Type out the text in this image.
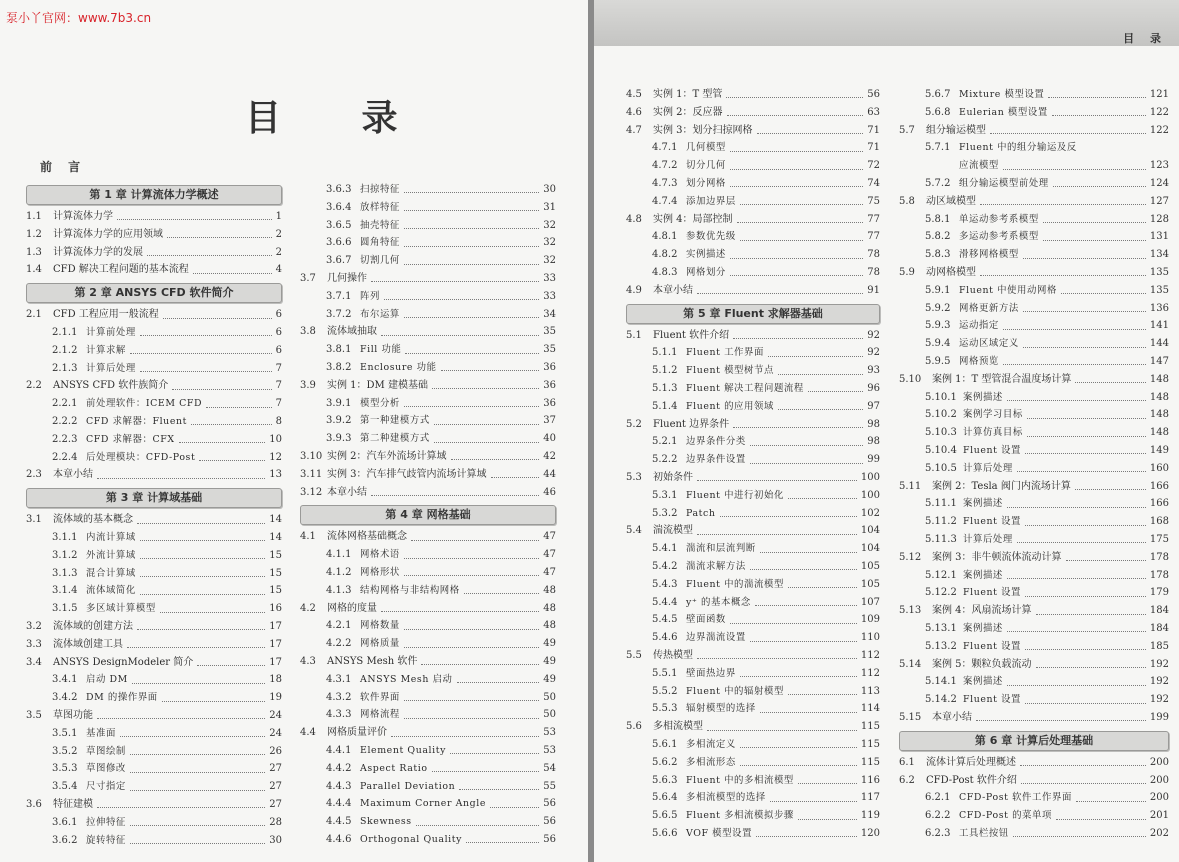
泵小丫官网：www.7b3.cn
目 录
前 言
第 1 章 计算流体力学概述
1.1	计算流体力学	1
1.2	计算流体力学的应用领域	2
1.3	计算流体力学的发展	2
1.4	CFD 解决工程问题的基本流程	4
第 2 章 ANSYS CFD 软件简介
2.1	CFD 工程应用一般流程	6
2.1.1 计算前处理	6
2.1.2 计算求解	6
2.1.3 计算后处理	7
2.2	ANSYS CFD 软件族简介	7
2.2.1 前处理软件：ICEM CFD	7
2.2.2 CFD 求解器：Fluent	8
2.2.3 CFD 求解器：CFX	10
2.2.4 后处理模块：CFD-Post	12
2.3	本章小结	13
第 3 章 计算域基础
3.1	流体域的基本概念	14
3.1.1 内流计算域	14
3.1.2 外流计算域	15
3.1.3 混合计算域	15
3.1.4 流体域简化	15
3.1.5 多区域计算模型	16
3.2	流体域的创建方法	17
3.3	流体域创建工具	17
3.4	ANSYS DesignModeler 简介	17
3.4.1 启动 DM	18
3.4.2 DM 的操作界面	19
3.5	草图功能	24
3.5.1 基准面	24
3.5.2 草图绘制	26
3.5.3 草图修改	27
3.5.4 尺寸指定	27
3.6	特征建模	27
3.6.1 拉伸特征	28
3.6.2 旋转特征	30
3.6.3 扫掠特征	30
3.6.4 放样特征	31
3.6.5 抽壳特征	32
3.6.6 圆角特征	32
3.6.7 切割几何	32
3.7	几何操作	33
3.7.1 阵列	33
3.7.2 布尔运算	34
3.8	流体域抽取	35
3.8.1 Fill 功能	35
3.8.2 Enclosure 功能	36
3.9	实例 1：DM 建模基础	36
3.9.1 模型分析	36
3.9.2 第一种建模方式	37
3.9.3 第二种建模方式	40
3.10 实例 2：汽车外流场计算域	42
3.11 实例 3：汽车排气歧管内流场计算域	44
3.12 本章小结	46
第 4 章 网格基础
4.1	流体网格基础概念	47
4.1.1 网格术语	47
4.1.2 网格形状	47
4.1.3 结构网格与非结构网格	48
4.2	网格的度量	48
4.2.1 网格数量	48
4.2.2 网格质量	49
4.3	ANSYS Mesh 软件	49
4.3.1 ANSYS Mesh 启动	49
4.3.2 软件界面	50
4.3.3 网格流程	50
4.4	网格质量评价	53
4.4.1 Element Quality	53
4.4.2 Aspect Ratio	54
4.4.3 Parallel Deviation	55
4.4.4 Maximum Corner Angle	56
4.4.5 Skewness	56
4.4.6 Orthogonal Quality	56
目 录
4.5	实例 1：T 型管	56
4.6	实例 2：反应器	63
4.7	实例 3：划分扫掠网格	71
4.7.1 几何模型	71
4.7.2 切分几何	72
4.7.3 划分网格	74
4.7.4 添加边界层	75
4.8	实例 4：局部控制	77
4.8.1 参数优先级	77
4.8.2 实例描述	78
4.8.3 网格划分	78
4.9	本章小结	91
第 5 章 Fluent 求解器基础
5.1	Fluent 软件介绍	92
5.1.1 Fluent 工作界面	92
5.1.2 Fluent 模型树节点	93
5.1.3 Fluent 解决工程问题流程	96
5.1.4 Fluent 的应用领域	97
5.2	Fluent 边界条件	98
5.2.1 边界条件分类	98
5.2.2 边界条件设置	99
5.3	初始条件	100
5.3.1 Fluent 中进行初始化	100
5.3.2 Patch	102
5.4	湍流模型	104
5.4.1 湍流和层流判断	104
5.4.2 湍流求解方法	105
5.4.3 Fluent 中的湍流模型	105
5.4.4 y⁺ 的基本概念	107
5.4.5 壁面函数	109
5.4.6 边界湍流设置	110
5.5	传热模型	112
5.5.1 壁面热边界	112
5.5.2 Fluent 中的辐射模型	113
5.5.3 辐射模型的选择	114
5.6	多相流模型	115
5.6.1 多相流定义	115
5.6.2 多相流形态	115
5.6.3 Fluent 中的多相流模型	116
5.6.4 多相流模型的选择	117
5.6.5 Fluent 多相流模拟步骤	119
5.6.6 VOF 模型设置	120
5.6.7 Mixture 模型设置	121
5.6.8 Eulerian 模型设置	122
5.7	组分输运模型	122
5.7.1 Fluent 中的组分输运及反
应流模型	123
5.7.2 组分输运模型前处理	124
5.8	动区域模型	127
5.8.1 单运动参考系模型	128
5.8.2 多运动参考系模型	131
5.8.3 滑移网格模型	134
5.9	动网格模型	135
5.9.1 Fluent 中使用动网格	135
5.9.2 网格更新方法	136
5.9.3 运动指定	141
5.9.4 运动区域定义	144
5.9.5 网格预览	147
5.10	案例 1：T 型管混合温度场计算	148
5.10.1 案例描述	148
5.10.2 案例学习目标	148
5.10.3 计算仿真目标	148
5.10.4 Fluent 设置	149
5.10.5 计算后处理	160
5.11	案例 2：Tesla 阀门内流场计算	166
5.11.1 案例描述	166
5.11.2 Fluent 设置	168
5.11.3 计算后处理	175
5.12	案例 3：非牛顿流体流动计算	178
5.12.1 案例描述	178
5.12.2 Fluent 设置	179
5.13	案例 4：风扇流场计算	184
5.13.1 案例描述	184
5.13.2 Fluent 设置	185
5.14	案例 5：颗粒负载流动	192
5.14.1 案例描述	192
5.14.2 Fluent 设置	192
5.15	本章小结	199
第 6 章 计算后处理基础
6.1	流体计算后处理概述	200
6.2	CFD-Post 软件介绍	200
6.2.1 CFD-Post 软件工作界面	200
6.2.2 CFD-Post 的菜单项	201
6.2.3 工具栏按钮	202
